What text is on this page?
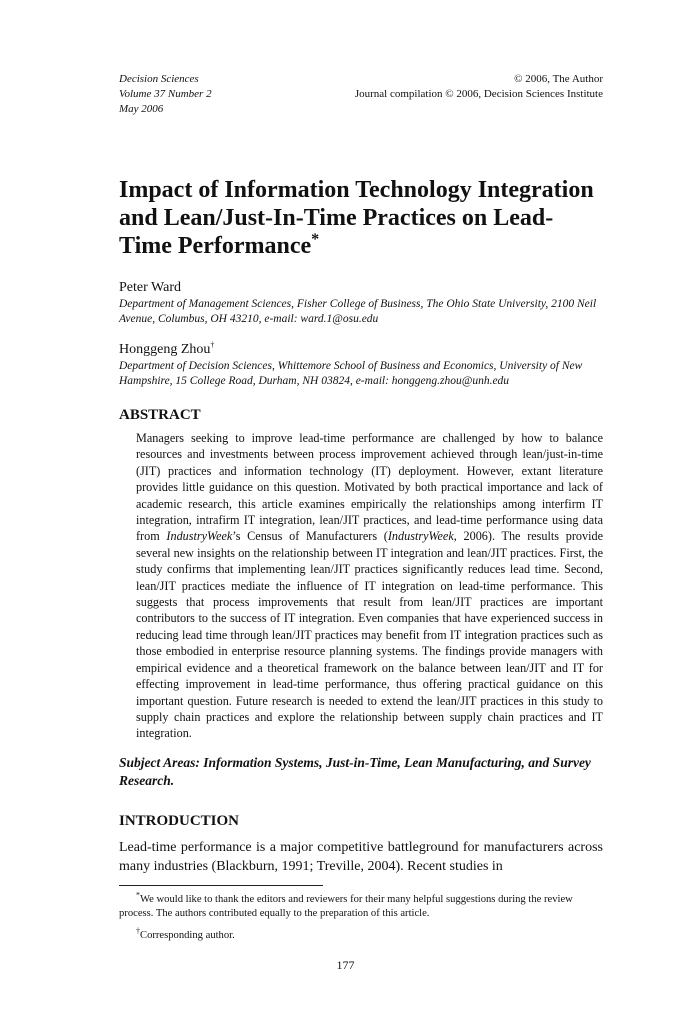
Decision Sciences
Volume 37 Number 2
May 2006
© 2006, The Author
Journal compilation © 2006, Decision Sciences Institute
Impact of Information Technology Integration and Lean/Just-In-Time Practices on Lead-Time Performance*
Peter Ward
Department of Management Sciences, Fisher College of Business, The Ohio State University, 2100 Neil Avenue, Columbus, OH 43210, e-mail: ward.1@osu.edu
Honggeng Zhou†
Department of Decision Sciences, Whittemore School of Business and Economics, University of New Hampshire, 15 College Road, Durham, NH 03824, e-mail: honggeng.zhou@unh.edu
ABSTRACT

Managers seeking to improve lead-time performance are challenged by how to balance resources and investments between process improvement achieved through lean/just-in-time (JIT) practices and information technology (IT) deployment. However, extant literature provides little guidance on this question. Motivated by both practical importance and lack of academic research, this article examines empirically the relationships among interfirm IT integration, intrafirm IT integration, lean/JIT practices, and lead-time performance using data from IndustryWeek’s Census of Manufacturers (IndustryWeek, 2006). The results provide several new insights on the relationship between IT integration and lean/JIT practices. First, the study confirms that implementing lean/JIT practices significantly reduces lead time. Second, lean/JIT practices mediate the influence of IT integration on lead-time performance. This suggests that process improvements that result from lean/JIT practices are important contributors to the success of IT integration. Even companies that have experienced success in reducing lead time through lean/JIT practices may benefit from IT integration practices such as those embodied in enterprise resource planning systems. The findings provide managers with empirical evidence and a theoretical framework on the balance between lean/JIT and IT for effecting improvement in lead-time performance, thus offering practical guidance on this important question. Future research is needed to extend the lean/JIT practices in this study to supply chain practices and explore the relationship between supply chain practices and IT integration.

Subject Areas: Information Systems, Just-in-Time, Lean Manufacturing, and Survey Research.

INTRODUCTION

Lead-time performance is a major competitive battleground for manufacturers across many industries (Blackburn, 1991; Treville, 2004). Recent studies in

*We would like to thank the editors and reviewers for their many helpful suggestions during the review process. The authors contributed equally to the preparation of this article.

†Corresponding author.

177
